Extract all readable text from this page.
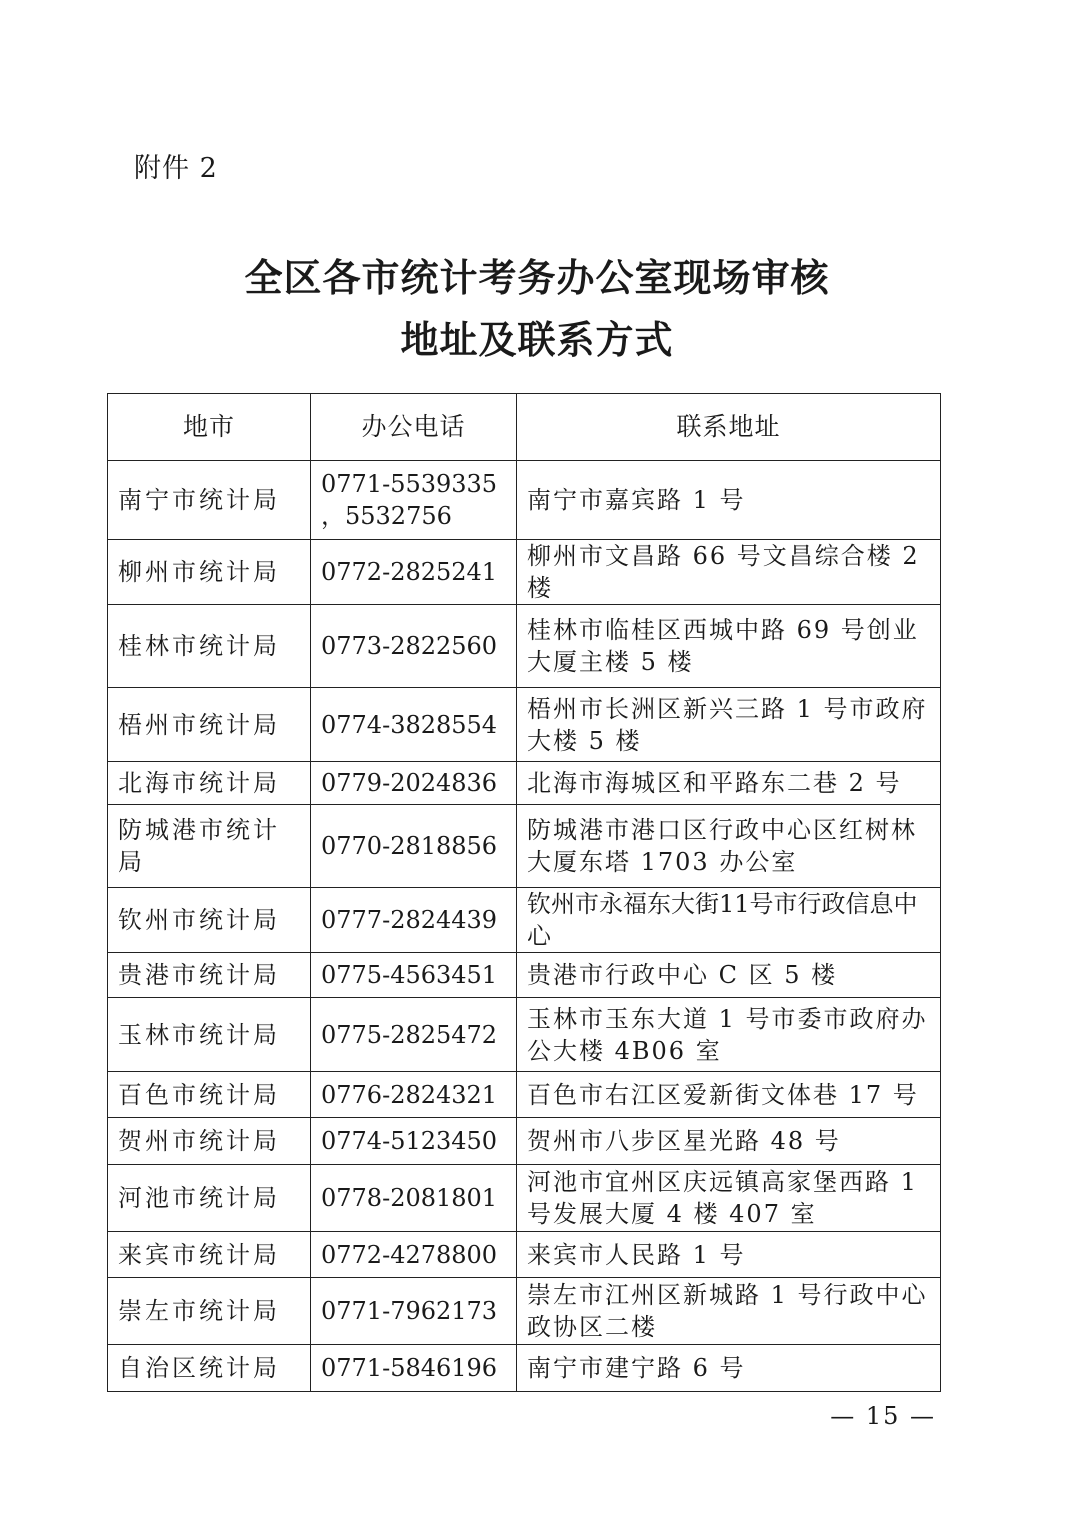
附件 2
全区各市统计考务办公室现场审核
地址及联系方式
地市	办公电话	联系地址
南宁市统计局	0771-5539335 ，5532756	南宁市嘉宾路 1 号
柳州市统计局	0772-2825241	柳州市文昌路 66 号文昌综合楼 2 楼
桂林市统计局	0773-2822560	桂林市临桂区西城中路 69 号创业大厦主楼 5 楼
梧州市统计局	0774-3828554	梧州市长洲区新兴三路 1 号市政府大楼 5 楼
北海市统计局	0779-2024836	北海市海城区和平路东二巷 2 号
防城港市统计局	0770-2818856	防城港市港口区行政中心区红树林大厦东塔 1703 办公室
钦州市统计局	0777-2824439	钦州市永福东大街11号市行政信息中心
贵港市统计局	0775-4563451	贵港市行政中心 C 区 5 楼
玉林市统计局	0775-2825472	玉林市玉东大道 1 号市委市政府办公大楼 4B06 室
百色市统计局	0776-2824321	百色市右江区爱新街文体巷 17 号
贺州市统计局	0774-5123450	贺州市八步区星光路 48 号
河池市统计局	0778-2081801	河池市宜州区庆远镇高家堡西路 1 号发展大厦 4 楼 407 室
来宾市统计局	0772-4278800	来宾市人民路 1 号
崇左市统计局	0771-7962173	崇左市江州区新城路 1 号行政中心政协区二楼
自治区统计局	0771-5846196	南宁市建宁路 6 号
— 15 —
